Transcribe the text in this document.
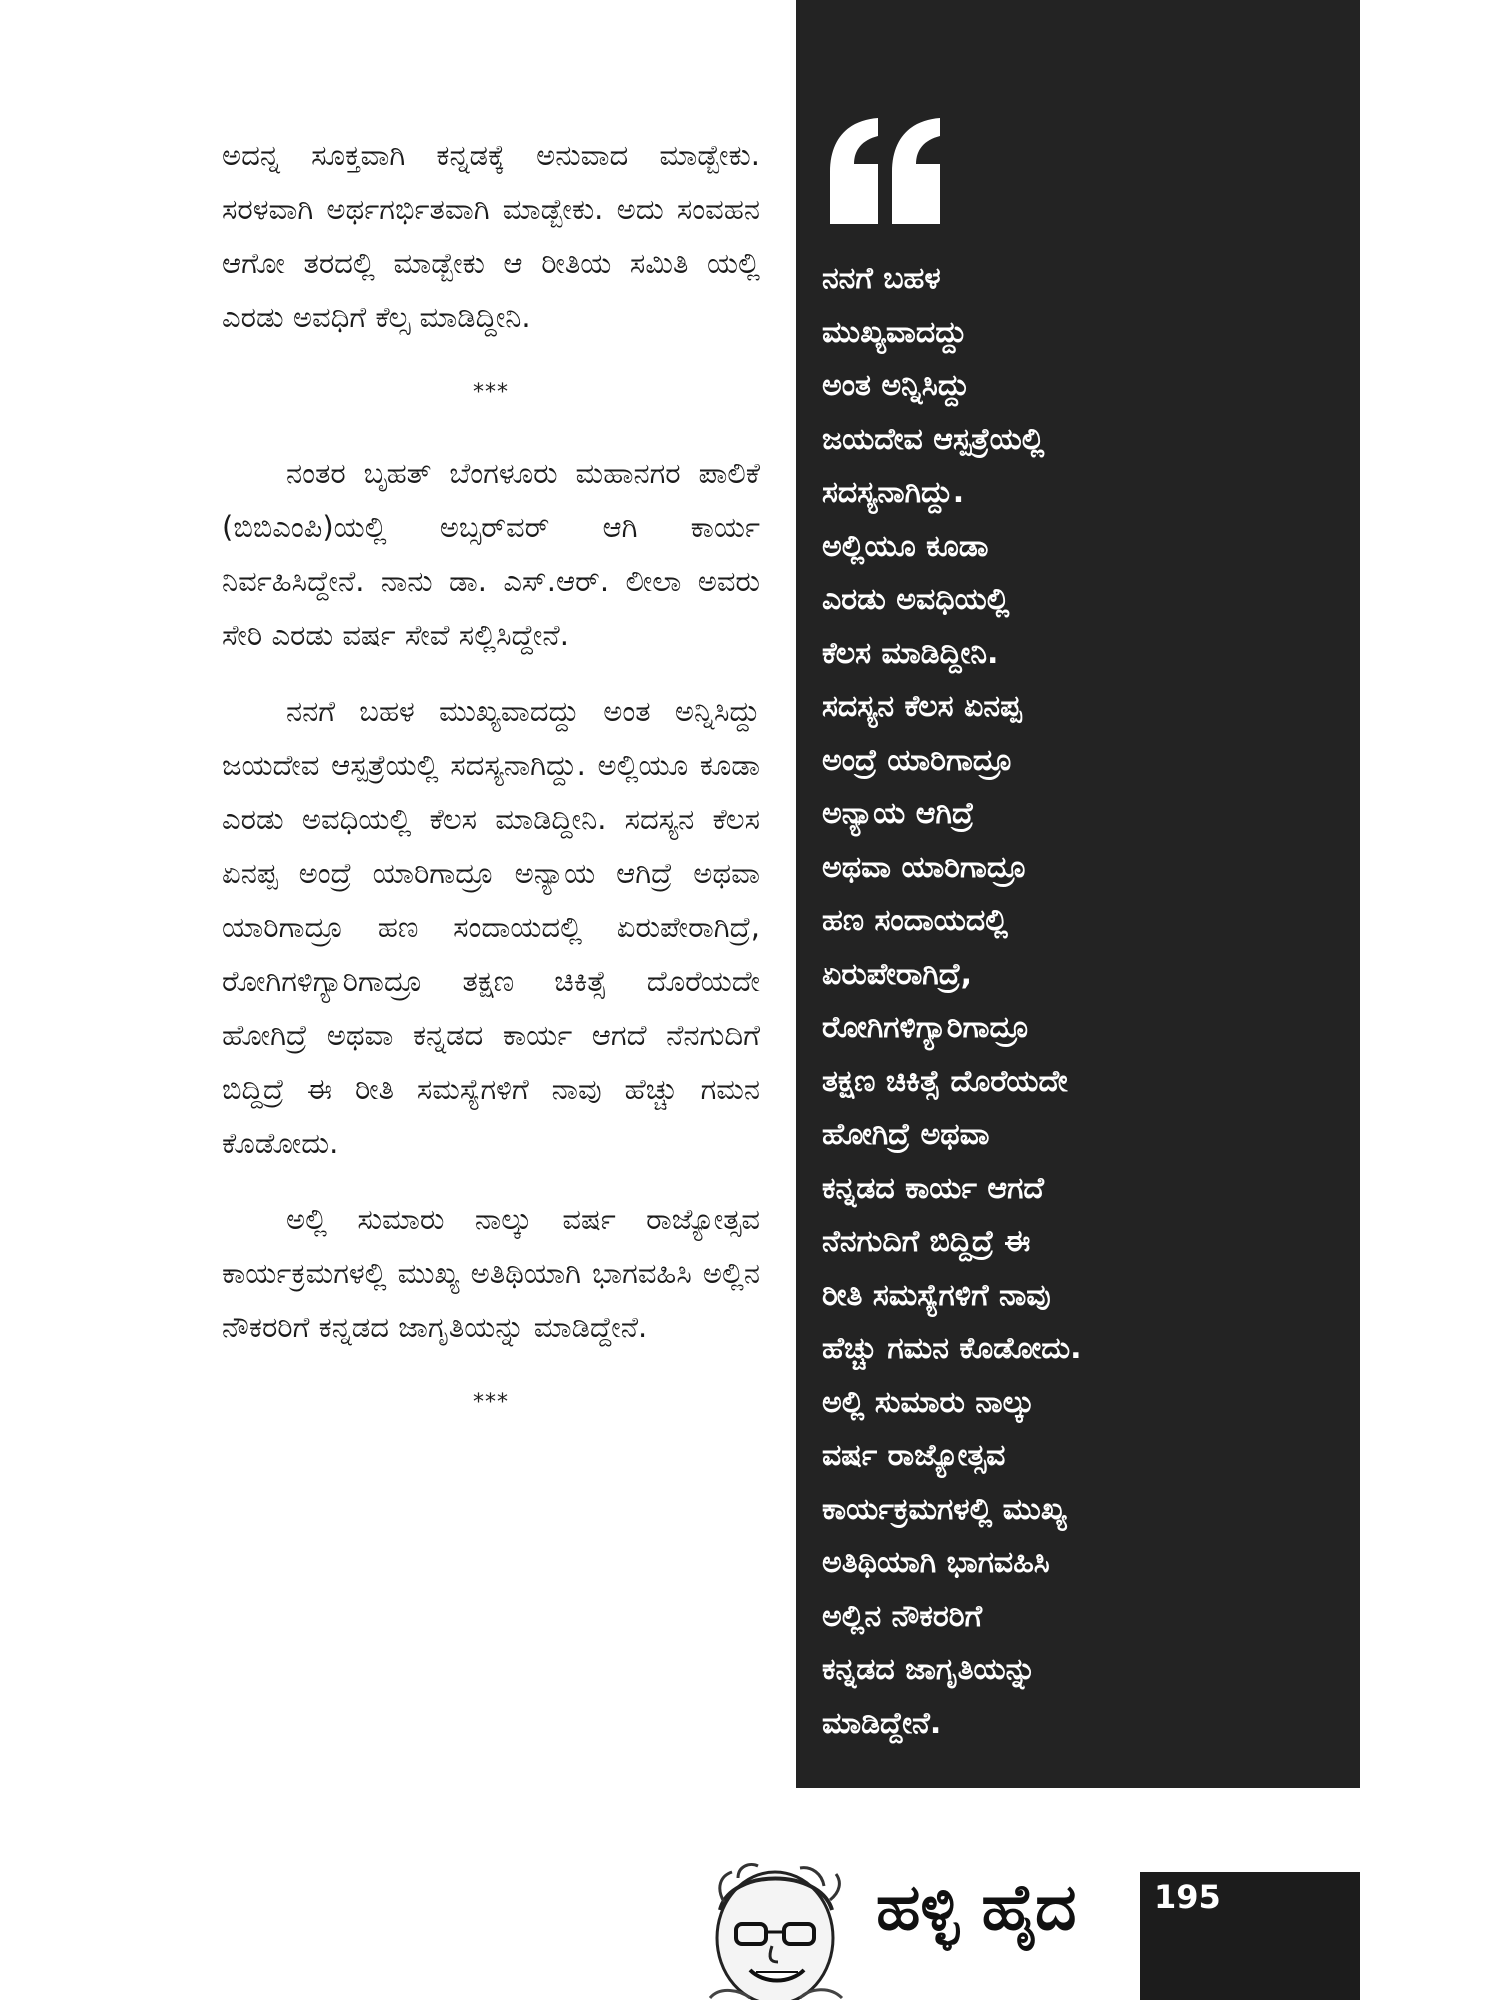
ಅದನ್ನ ಸೂಕ್ತವಾಗಿ ಕನ್ನಡಕ್ಕೆ ಅನುವಾದ ಮಾಡ್ಬೇಕು. ಸರಳವಾಗಿ ಅರ್ಥಗರ್ಭಿತವಾಗಿ ಮಾಡ್ಬೇಕು. ಅದು ಸಂವಹನ ಆಗೋ ತರದಲ್ಲಿ ಮಾಡ್ಬೇಕು ಆ ರೀತಿಯ ಸಮಿತಿ ಯಲ್ಲಿ ಎರಡು ಅವಧಿಗೆ ಕೆಲ್ಸ ಮಾಡಿದ್ದೀನಿ.

***

ನಂತರ ಬೃಹತ್ ಬೆಂಗಳೂರು ಮಹಾನಗರ ಪಾಲಿಕೆ (ಬಿಬಿಎಂಪಿ)ಯಲ್ಲಿ ಅಬ್ಸರ್‌ವರ್ ಆಗಿ ಕಾರ್ಯ ನಿರ್ವಹಿಸಿದ್ದೇನೆ. ನಾನು ಡಾ. ಎಸ್.ಆರ್. ಲೀಲಾ ಅವರು ಸೇರಿ ಎರಡು ವರ್ಷ ಸೇವೆ ಸಲ್ಲಿಸಿದ್ದೇನೆ.

ನನಗೆ ಬಹಳ ಮುಖ್ಯವಾದದ್ದು ಅಂತ ಅನ್ನಿಸಿದ್ದು ಜಯದೇವ ಆಸ್ಪತ್ರೆಯಲ್ಲಿ ಸದಸ್ಯನಾಗಿದ್ದು. ಅಲ್ಲಿಯೂ ಕೂಡಾ ಎರಡು ಅವಧಿಯಲ್ಲಿ ಕೆಲಸ ಮಾಡಿದ್ದೀನಿ. ಸದಸ್ಯನ ಕೆಲಸ ಏನಪ್ಪ ಅಂದ್ರೆ ಯಾರಿಗಾದ್ರೂ ಅನ್ಯಾಯ ಆಗಿದ್ರೆ ಅಥವಾ ಯಾರಿಗಾದ್ರೂ ಹಣ ಸಂದಾಯದಲ್ಲಿ ಏರುಪೇರಾಗಿದ್ರೆ, ರೋಗಿಗಳಿಗ್ಯಾರಿಗಾದ್ರೂ ತಕ್ಷಣ ಚಿಕಿತ್ಸೆ ದೊರೆಯದೇ ಹೋಗಿದ್ರೆ ಅಥವಾ ಕನ್ನಡದ ಕಾರ್ಯ ಆಗದೆ ನೆನಗುದಿಗೆ ಬಿದ್ದಿದ್ರೆ ಈ ರೀತಿ ಸಮಸ್ಯೆಗಳಿಗೆ ನಾವು ಹೆಚ್ಚು ಗಮನ ಕೊಡೋದು.

ಅಲ್ಲಿ ಸುಮಾರು ನಾಲ್ಕು ವರ್ಷ ರಾಜ್ಯೋತ್ಸವ ಕಾರ್ಯಕ್ರಮಗಳಲ್ಲಿ ಮುಖ್ಯ ಅತಿಥಿಯಾಗಿ ಭಾಗವಹಿಸಿ ಅಲ್ಲಿನ ನೌಕರರಿಗೆ ಕನ್ನಡದ ಜಾಗೃತಿಯನ್ನು ಮಾಡಿದ್ದೇನೆ.

***
ನನಗೆ ಬಹಳ
ಮುಖ್ಯವಾದದ್ದು
ಅಂತ ಅನ್ನಿಸಿದ್ದು
ಜಯದೇವ ಆಸ್ಪತ್ರೆಯಲ್ಲಿ
ಸದಸ್ಯನಾಗಿದ್ದು.
ಅಲ್ಲಿಯೂ ಕೂಡಾ
ಎರಡು ಅವಧಿಯಲ್ಲಿ
ಕೆಲಸ ಮಾಡಿದ್ದೀನಿ.
ಸದಸ್ಯನ ಕೆಲಸ ಏನಪ್ಪ
ಅಂದ್ರೆ ಯಾರಿಗಾದ್ರೂ
ಅನ್ಯಾಯ ಆಗಿದ್ರೆ
ಅಥವಾ ಯಾರಿಗಾದ್ರೂ
ಹಣ ಸಂದಾಯದಲ್ಲಿ
ಏರುಪೇರಾಗಿದ್ರೆ,
ರೋಗಿಗಳಿಗ್ಯಾರಿಗಾದ್ರೂ
ತಕ್ಷಣ ಚಿಕಿತ್ಸೆ ದೊರೆಯದೇ
ಹೋಗಿದ್ರೆ ಅಥವಾ
ಕನ್ನಡದ ಕಾರ್ಯ ಆಗದೆ
ನೆನಗುದಿಗೆ ಬಿದ್ದಿದ್ರೆ ಈ
ರೀತಿ ಸಮಸ್ಯೆಗಳಿಗೆ ನಾವು
ಹೆಚ್ಚು ಗಮನ ಕೊಡೋದು.
ಅಲ್ಲಿ ಸುಮಾರು ನಾಲ್ಕು
ವರ್ಷ ರಾಜ್ಯೋತ್ಸವ
ಕಾರ್ಯಕ್ರಮಗಳಲ್ಲಿ ಮುಖ್ಯ
ಅತಿಥಿಯಾಗಿ ಭಾಗವಹಿಸಿ
ಅಲ್ಲಿನ ನೌಕರರಿಗೆ
ಕನ್ನಡದ ಜಾಗೃತಿಯನ್ನು
ಮಾಡಿದ್ದೇನೆ.
ಹಳ್ಳಿ ಹೈದ 195
